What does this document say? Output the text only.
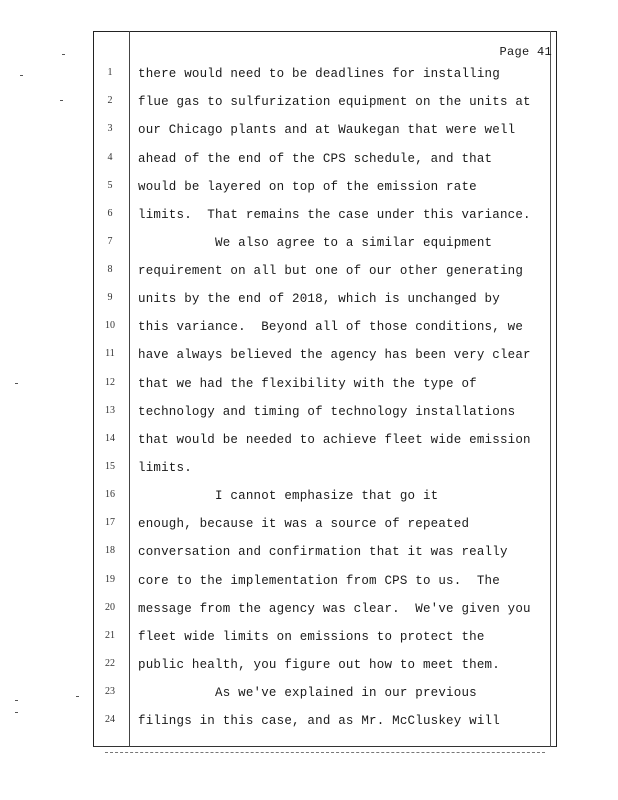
Page 41
1	there would need to be deadlines for installing
2	flue gas to sulfurization equipment on the units at
3	our Chicago plants and at Waukegan that were well
4	ahead of the end of the CPS schedule, and that
5	would be layered on top of the emission rate
6	limits.  That remains the case under this variance.
7	We also agree to a similar equipment
8	requirement on all but one of our other generating
9	units by the end of 2018, which is unchanged by
10	this variance.  Beyond all of those conditions, we
11	have always believed the agency has been very clear
12	that we had the flexibility with the type of
13	technology and timing of technology installations
14	that would be needed to achieve fleet wide emission
15	limits.
16	I cannot emphasize that go it
17	enough, because it was a source of repeated
18	conversation and confirmation that it was really
19	core to the implementation from CPS to us.  The
20	message from the agency was clear.  We've given you
21	fleet wide limits on emissions to protect the
22	public health, you figure out how to meet them.
23	As we've explained in our previous
24	filings in this case, and as Mr. McCluskey will
